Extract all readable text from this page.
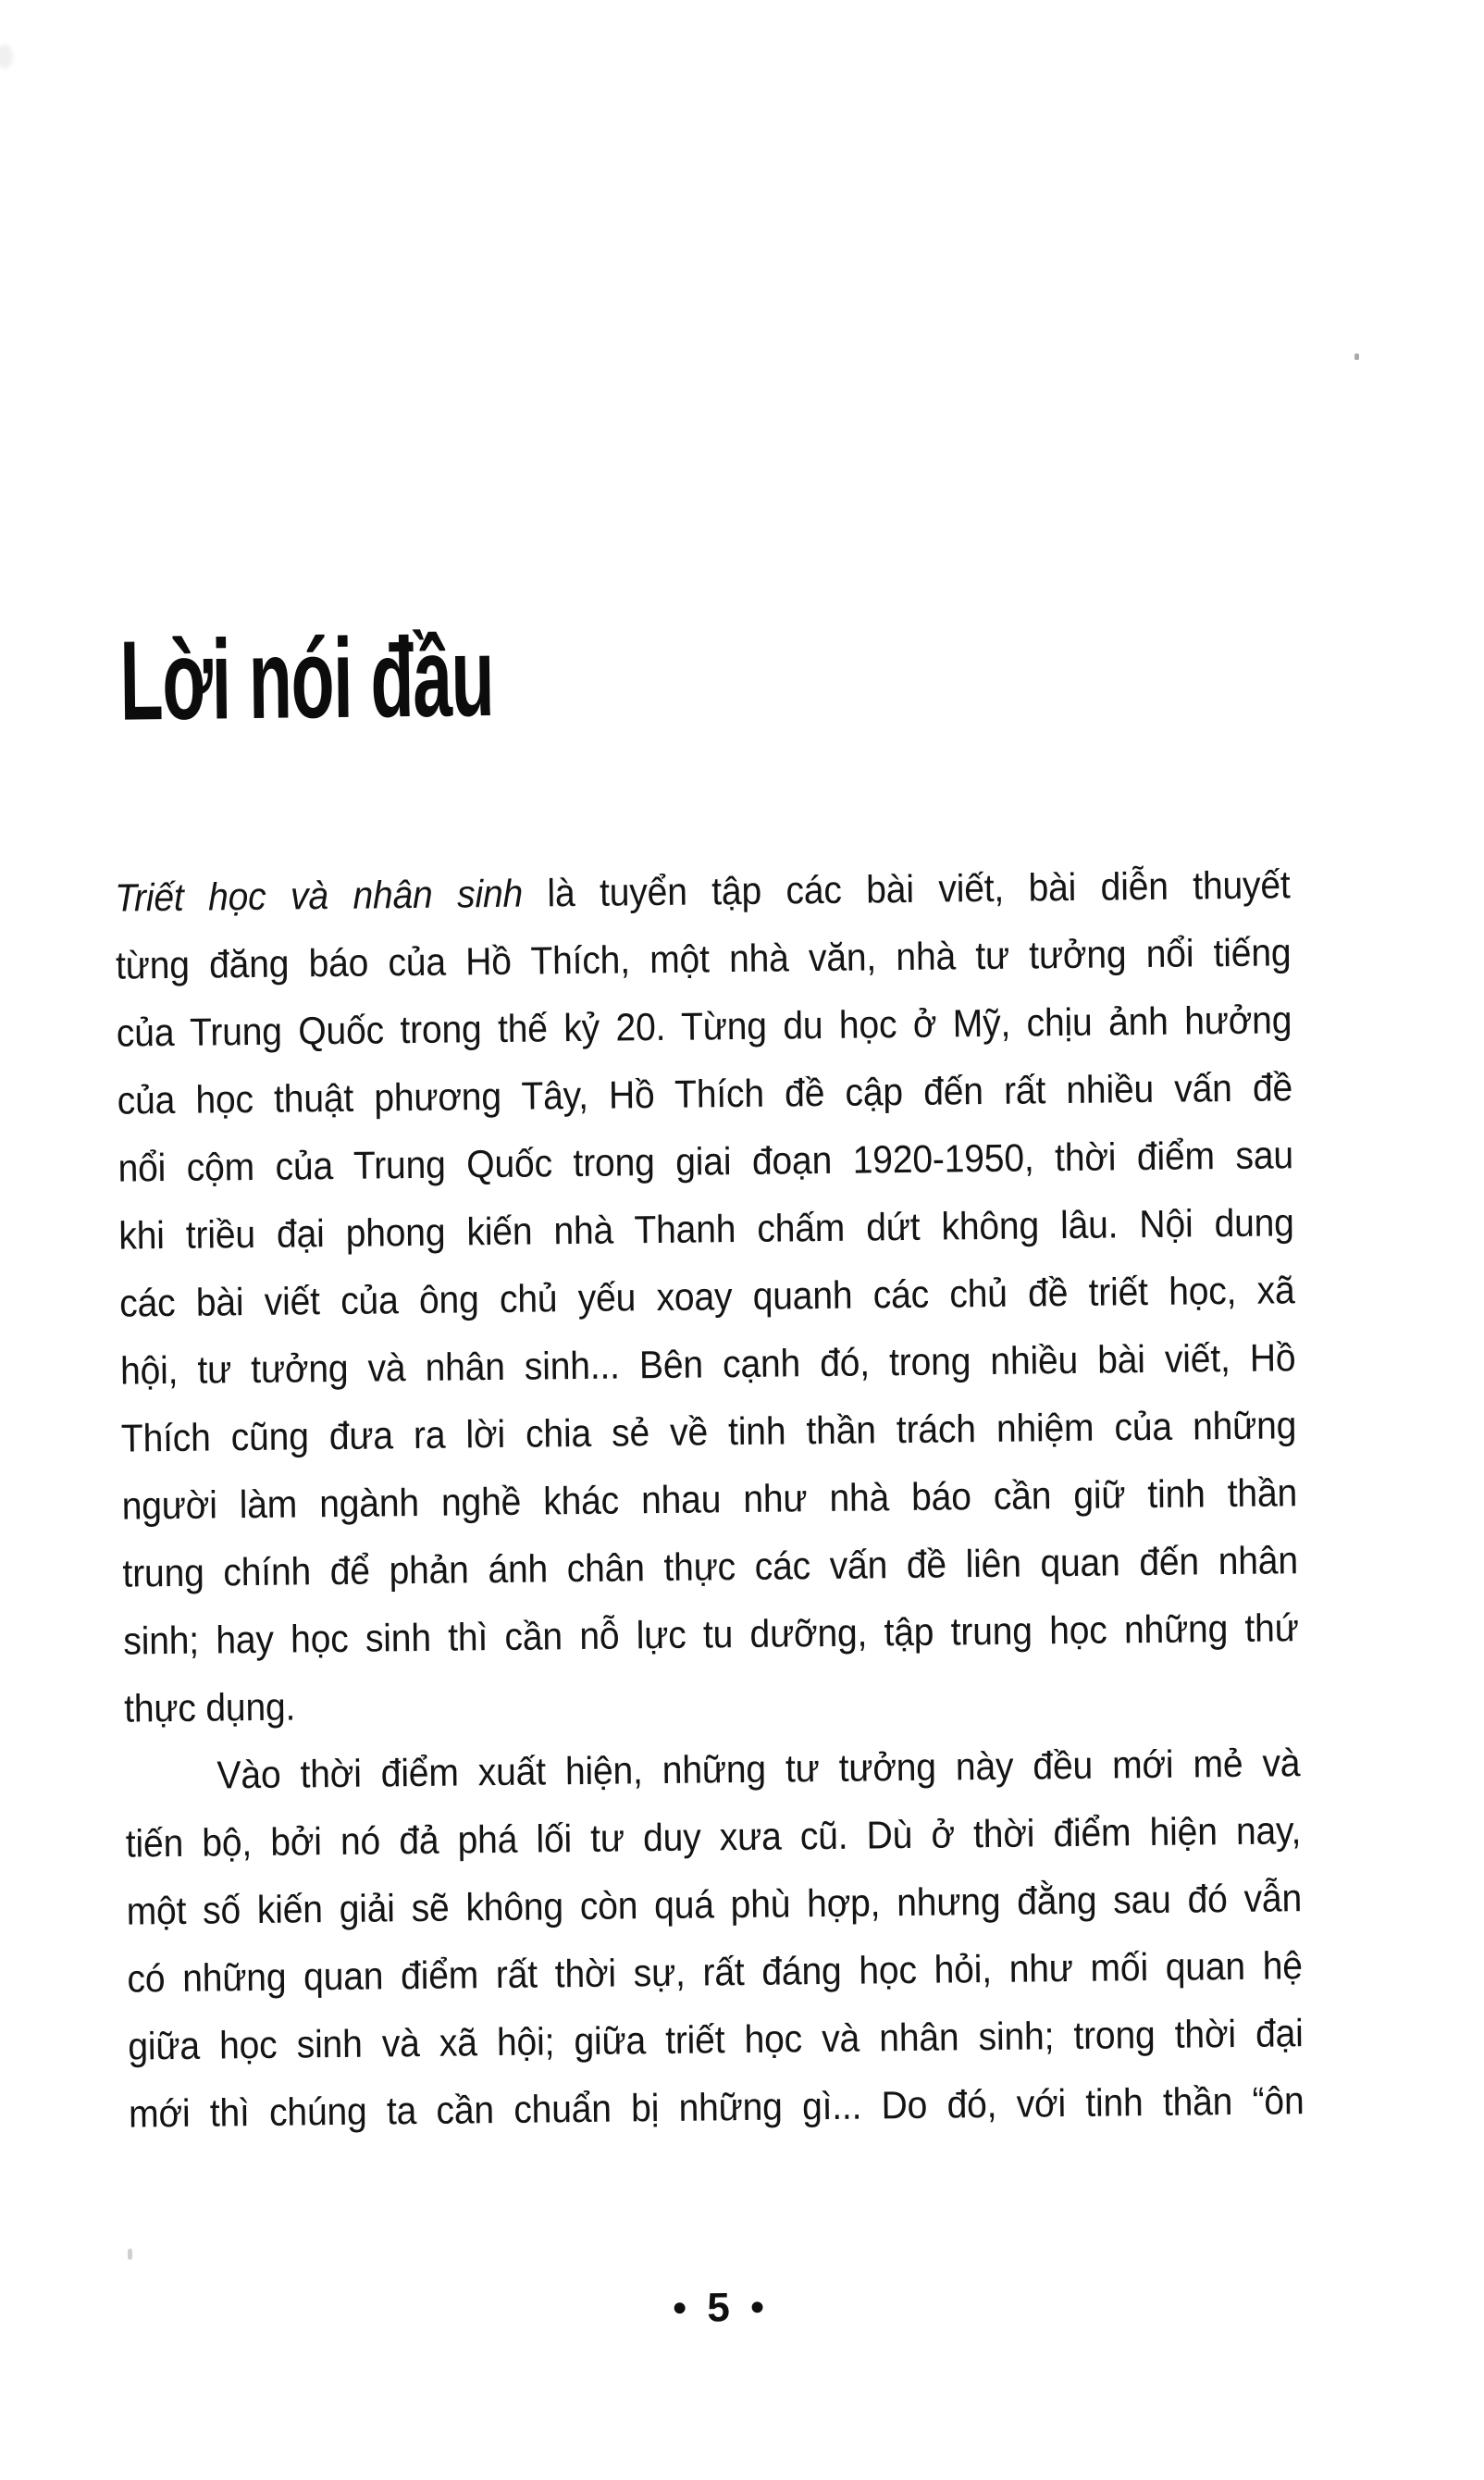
Lời nói đầu
Triết học và nhân sinh là tuyển tập các bài viết, bài diễn thuyết
từng đăng báo của Hồ Thích, một nhà văn, nhà tư tưởng nổi tiếng
của Trung Quốc trong thế kỷ 20. Từng du học ở Mỹ, chịu ảnh hưởng
của học thuật phương Tây, Hồ Thích đề cập đến rất nhiều vấn đề
nổi cộm của Trung Quốc trong giai đoạn 1920-1950, thời điểm sau
khi triều đại phong kiến nhà Thanh chấm dứt không lâu. Nội dung
các bài viết của ông chủ yếu xoay quanh các chủ đề triết học, xã
hội, tư tưởng và nhân sinh... Bên cạnh đó, trong nhiều bài viết, Hồ
Thích cũng đưa ra lời chia sẻ về tinh thần trách nhiệm của những
người làm ngành nghề khác nhau như nhà báo cần giữ tinh thần
trung chính để phản ánh chân thực các vấn đề liên quan đến nhân
sinh; hay học sinh thì cần nỗ lực tu dưỡng, tập trung học những thứ
thực dụng.
Vào thời điểm xuất hiện, những tư tưởng này đều mới mẻ và
tiến bộ, bởi nó đả phá lối tư duy xưa cũ. Dù ở thời điểm hiện nay,
một số kiến giải sẽ không còn quá phù hợp, nhưng đằng sau đó vẫn
có những quan điểm rất thời sự, rất đáng học hỏi, như mối quan hệ
giữa học sinh và xã hội; giữa triết học và nhân sinh; trong thời đại
mới thì chúng ta cần chuẩn bị những gì... Do đó, với tinh thần “ôn
• 5 •
